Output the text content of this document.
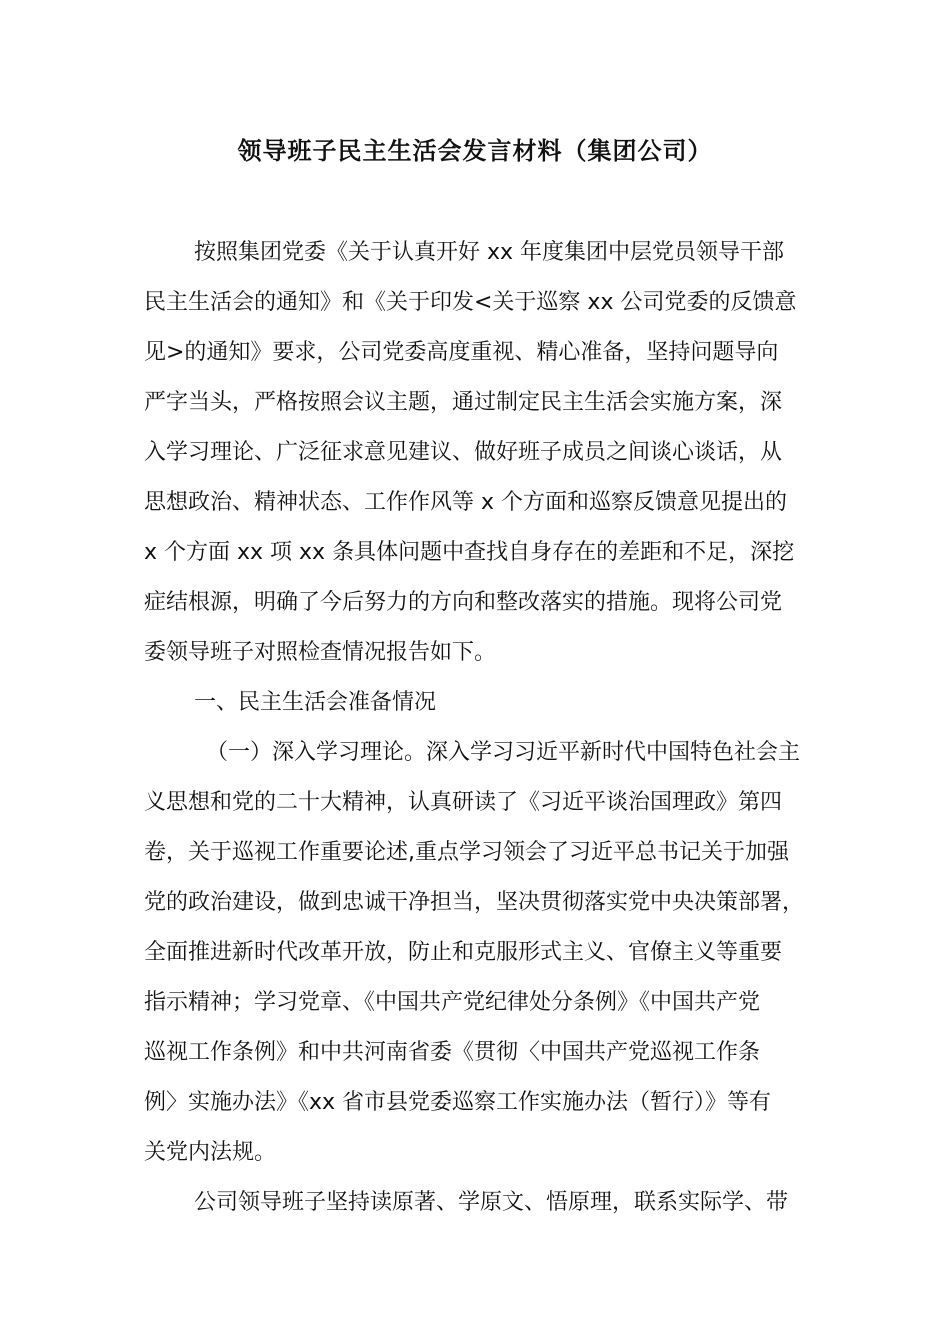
领导班子民主生活会发言材料（集团公司）

按照集团党委《关于认真开好 xx 年度集团中层党员领导干部
民主生活会的通知》和《关于印发<关于巡察 xx 公司党委的反馈意
见>的通知》要求，公司党委高度重视、精心准备，坚持问题导向
严字当头，严格按照会议主题，通过制定民主生活会实施方案，深
入学习理论、广泛征求意见建议、做好班子成员之间谈心谈话，从
思想政治、精神状态、工作作风等 x 个方面和巡察反馈意见提出的
x 个方面 xx 项 xx 条具体问题中查找自身存在的差距和不足，深挖
症结根源，明确了今后努力的方向和整改落实的措施。现将公司党
委领导班子对照检查情况报告如下。

一、民主生活会准备情况

（一）深入学习理论。深入学习习近平新时代中国特色社会主
义思想和党的二十大精神，认真研读了《习近平谈治国理政》第四
卷，关于巡视工作重要论述,重点学习领会了习近平总书记关于加强
党的政治建设，做到忠诚干净担当，坚决贯彻落实党中央决策部署，
全面推进新时代改革开放，防止和克服形式主义、官僚主义等重要
指示精神；学习党章、《中国共产党纪律处分条例》《中国共产党
巡视工作条例》和中共河南省委《贯彻〈中国共产党巡视工作条
例〉实施办法》《xx 省市县党委巡察工作实施办法（暂行）》等有
关党内法规。

公司领导班子坚持读原著、学原文、悟原理，联系实际学、带
